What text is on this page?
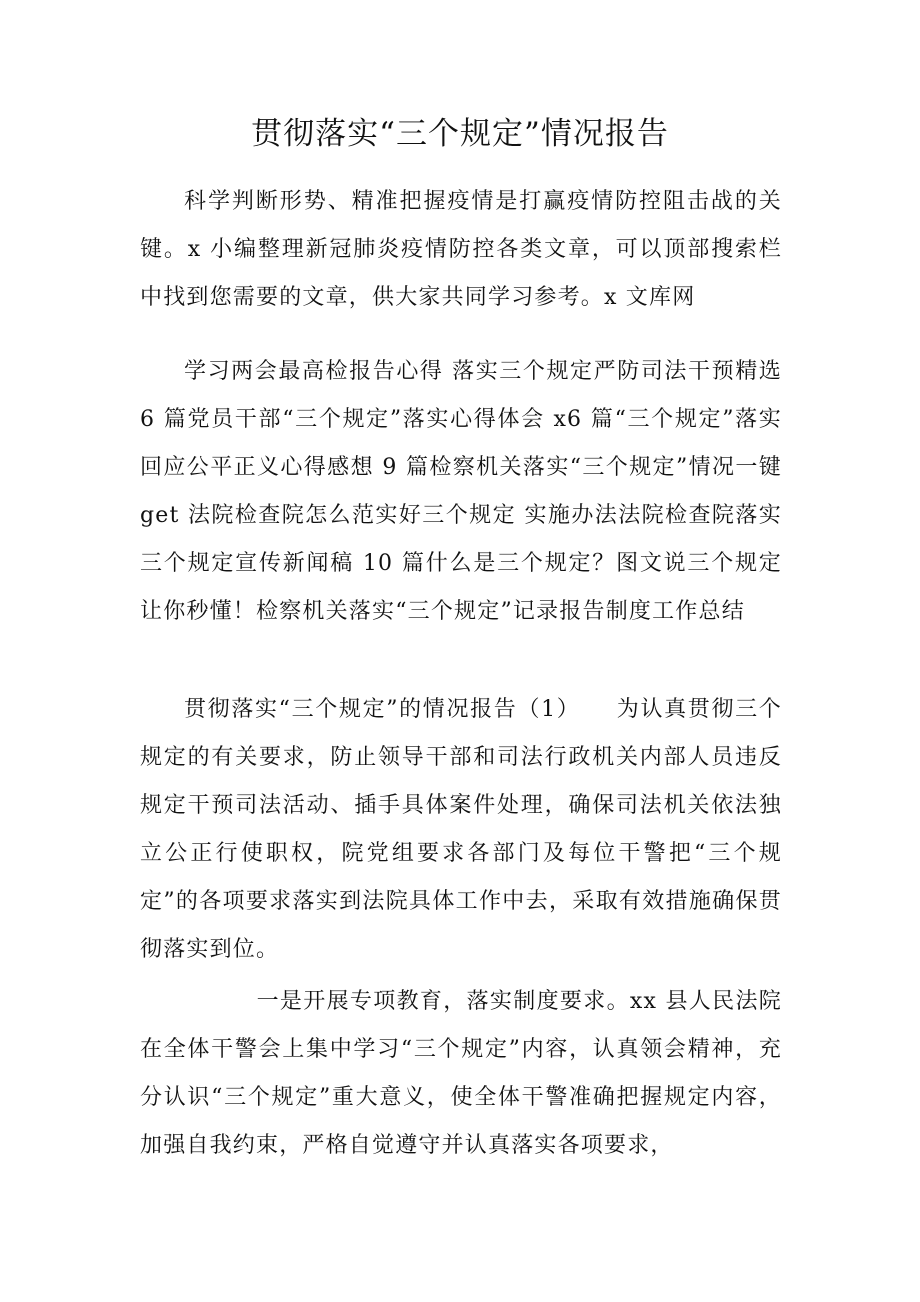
贯彻落实“三个规定”情况报告

科学判断形势、精准把握疫情是打赢疫情防控阻击战的关键。x 小编整理新冠肺炎疫情防控各类文章，可以顶部搜索栏中找到您需要的文章，供大家共同学习参考。x 文库网

学习两会最高检报告心得 落实三个规定严防司法干预精选 6 篇党员干部“三个规定”落实心得体会 x6 篇“三个规定”落实回应公平正义心得感想 9 篇检察机关落实“三个规定”情况一键 get 法院检查院怎么范实好三个规定 实施办法法院检查院落实三个规定宣传新闻稿 10 篇什么是三个规定？图文说三个规定让你秒懂！检察机关落实“三个规定”记录报告制度工作总结

贯彻落实“三个规定”的情况报告（1）　　为认真贯彻三个规定的有关要求，防止领导干部和司法行政机关内部人员违反规定干预司法活动、插手具体案件处理，确保司法机关依法独立公正行使职权，院党组要求各部门及每位干警把“三个规定”的各项要求落实到法院具体工作中去，采取有效措施确保贯彻落实到位。

一是开展专项教育，落实制度要求。xx 县人民法院在全体干警会上集中学习“三个规定”内容，认真领会精神，充分认识“三个规定”重大意义，使全体干警准确把握规定内容，加强自我约束，严格自觉遵守并认真落实各项要求，
